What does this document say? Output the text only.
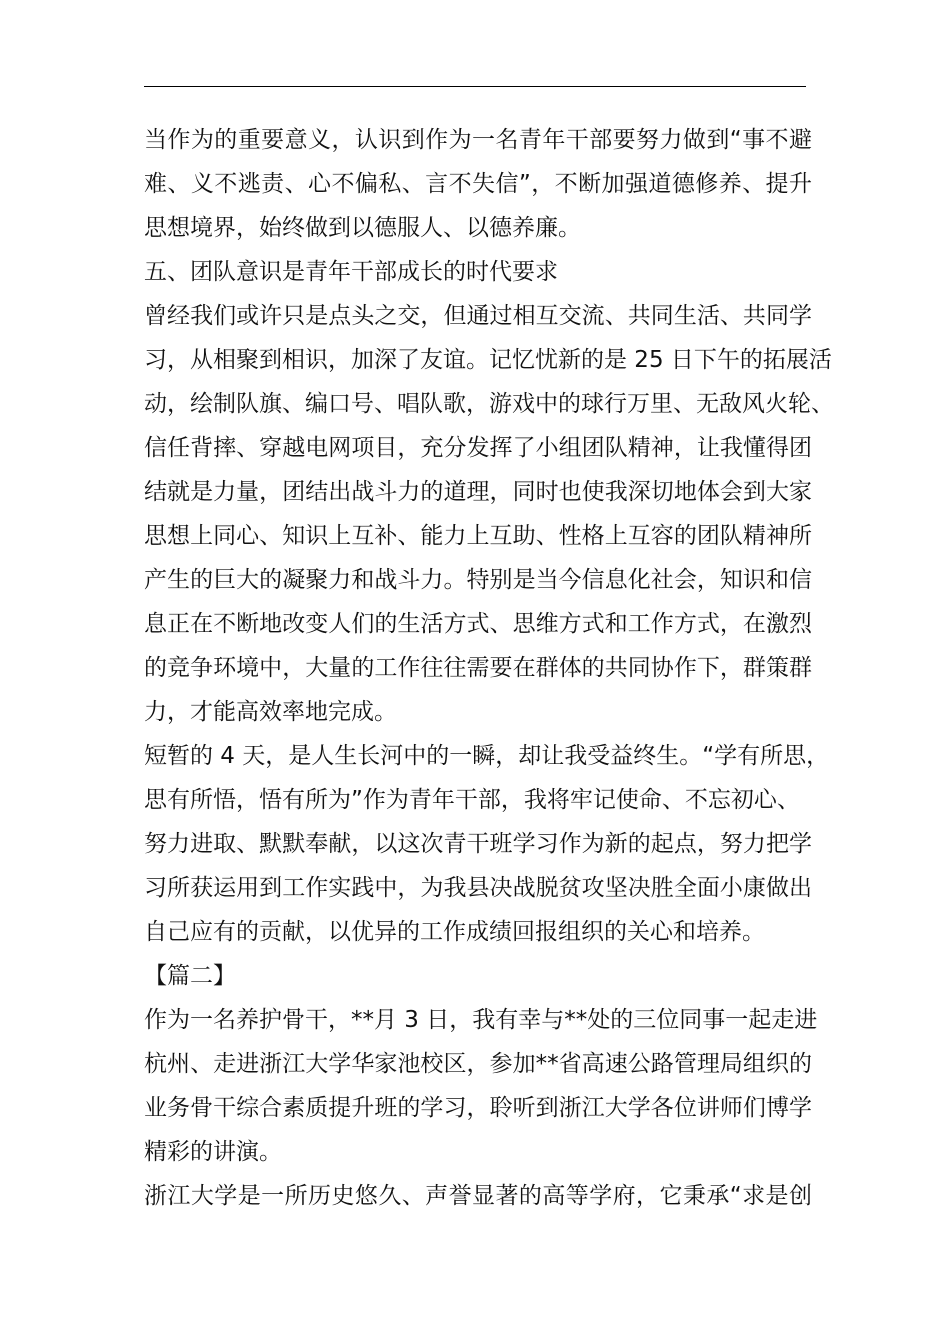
当作为的重要意义，认识到作为一名青年干部要努力做到“事不避
难、义不逃责、心不偏私、言不失信”，不断加强道德修养、提升
思想境界，始终做到以德服人、以德养廉。
五、团队意识是青年干部成长的时代要求
曾经我们或许只是点头之交，但通过相互交流、共同生活、共同学
习，从相聚到相识，加深了友谊。记忆忧新的是 25 日下午的拓展活
动，绘制队旗、编口号、唱队歌，游戏中的球行万里、无敌风火轮、
信任背摔、穿越电网项目，充分发挥了小组团队精神，让我懂得团
结就是力量，团结出战斗力的道理，同时也使我深切地体会到大家
思想上同心、知识上互补、能力上互助、性格上互容的团队精神所
产生的巨大的凝聚力和战斗力。特别是当今信息化社会，知识和信
息正在不断地改变人们的生活方式、思维方式和工作方式，在激烈
的竞争环境中，大量的工作往往需要在群体的共同协作下，群策群
力，才能高效率地完成。
短暂的 4 天，是人生长河中的一瞬，却让我受益终生。“学有所思，
思有所悟，悟有所为”作为青年干部，我将牢记使命、不忘初心、
努力进取、默默奉献，以这次青干班学习作为新的起点，努力把学
习所获运用到工作实践中，为我县决战脱贫攻坚决胜全面小康做出
自己应有的贡献，以优异的工作成绩回报组织的关心和培养。
【篇二】
作为一名养护骨干，**月 3 日，我有幸与**处的三位同事一起走进
杭州、走进浙江大学华家池校区，参加**省高速公路管理局组织的
业务骨干综合素质提升班的学习，聆听到浙江大学各位讲师们博学
精彩的讲演。
浙江大学是一所历史悠久、声誉显著的高等学府，它秉承“求是创
